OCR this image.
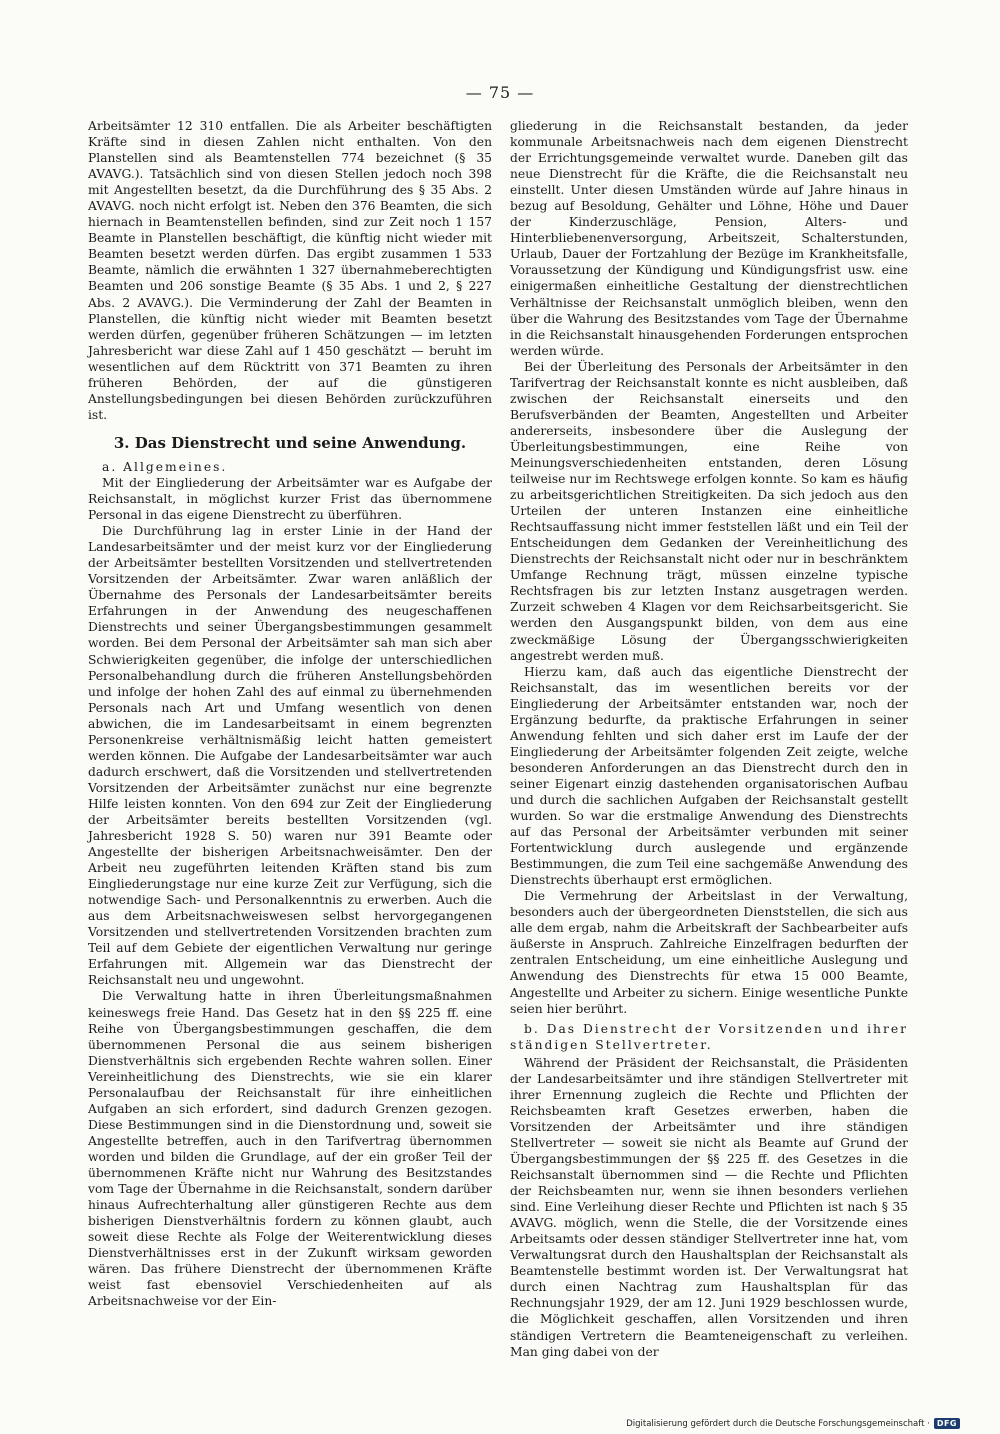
— 75 —

Arbeitsämter 12 310 entfallen. Die als Arbeiter beschäftigten Kräfte sind in diesen Zahlen nicht enthalten. Von den Planstellen sind als Beamtenstellen 774 bezeichnet (§ 35 AVAVG.). Tatsächlich sind von diesen Stellen jedoch noch 398 mit Angestellten besetzt, da die Durchführung des § 35 Abs. 2 AVAVG. noch nicht erfolgt ist. Neben den 376 Beamten, die sich hiernach in Beamtenstellen befinden, sind zur Zeit noch 1 157 Beamte in Planstellen beschäftigt, die künftig nicht wieder mit Beamten besetzt werden dürfen. Das ergibt zusammen 1 533 Beamte, nämlich die erwähnten 1 327 übernahmeberechtigten Beamten und 206 sonstige Beamte (§ 35 Abs. 1 und 2, § 227 Abs. 2 AVAVG.). Die Verminderung der Zahl der Beamten in Planstellen, die künftig nicht wieder mit Beamten besetzt werden dürfen, gegenüber früheren Schätzungen — im letzten Jahresbericht war diese Zahl auf 1 450 geschätzt — beruht im wesentlichen auf dem Rücktritt von 371 Beamten zu ihren früheren Behörden, der auf die günstigeren Anstellungsbedingungen bei diesen Behörden zurückzuführen ist.

3. Das Dienstrecht und seine Anwendung.

a. Allgemeines.

Mit der Eingliederung der Arbeitsämter war es Aufgabe der Reichsanstalt, in möglichst kurzer Frist das übernommene Personal in das eigene Dienstrecht zu überführen.

Die Durchführung lag in erster Linie in der Hand der Landesarbeitsämter und der meist kurz vor der Eingliederung der Arbeitsämter bestellten Vorsitzenden und stellvertretenden Vorsitzenden der Arbeitsämter. Zwar waren anläßlich der Übernahme des Personals der Landesarbeitsämter bereits Erfahrungen in der Anwendung des neugeschaffenen Dienstrechts und seiner Übergangsbestimmungen gesammelt worden. Bei dem Personal der Arbeitsämter sah man sich aber Schwierigkeiten gegenüber, die infolge der unterschiedlichen Personalbehandlung durch die früheren Anstellungsbehörden und infolge der hohen Zahl des auf einmal zu übernehmenden Personals nach Art und Umfang wesentlich von denen abwichen, die im Landesarbeitsamt in einem begrenzten Personenkreise verhältnismäßig leicht hatten gemeistert werden können. Die Aufgabe der Landesarbeitsämter war auch dadurch erschwert, daß die Vorsitzenden und stellvertretenden Vorsitzenden der Arbeitsämter zunächst nur eine begrenzte Hilfe leisten konnten. Von den 694 zur Zeit der Eingliederung der Arbeitsämter bereits bestellten Vorsitzenden (vgl. Jahresbericht 1928 S. 50) waren nur 391 Beamte oder Angestellte der bisherigen Arbeitsnachweisämter. Den der Arbeit neu zugeführten leitenden Kräften stand bis zum Eingliederungstage nur eine kurze Zeit zur Verfügung, sich die notwendige Sach- und Personalkenntnis zu erwerben. Auch die aus dem Arbeitsnachweiswesen selbst hervorgegangenen Vorsitzenden und stellvertretenden Vorsitzenden brachten zum Teil auf dem Gebiete der eigentlichen Verwaltung nur geringe Erfahrungen mit. Allgemein war das Dienstrecht der Reichsanstalt neu und ungewohnt.

Die Verwaltung hatte in ihren Überleitungsmaßnahmen keineswegs freie Hand. Das Gesetz hat in den §§ 225 ff. eine Reihe von Übergangsbestimmungen geschaffen, die dem übernommenen Personal die aus seinem bisherigen Dienstverhältnis sich ergebenden Rechte wahren sollen. Einer Vereinheitlichung des Dienstrechts, wie sie ein klarer Personalaufbau der Reichsanstalt für ihre einheitlichen Aufgaben an sich erfordert, sind dadurch Grenzen gezogen. Diese Bestimmungen sind in die Dienstordnung und, soweit sie Angestellte betreffen, auch in den Tarifvertrag übernommen worden und bilden die Grundlage, auf der ein großer Teil der übernommenen Kräfte nicht nur Wahrung des Besitzstandes vom Tage der Übernahme in die Reichsanstalt, sondern darüber hinaus Aufrechterhaltung aller günstigeren Rechte aus dem bisherigen Dienstverhältnis fordern zu können glaubt, auch soweit diese Rechte als Folge der Weiterentwicklung dieses Dienstverhältnisses erst in der Zukunft wirksam geworden wären. Das frühere Dienstrecht der übernommenen Kräfte weist fast ebensoviel Verschiedenheiten auf als Arbeitsnachweise vor der Ein-

gliederung in die Reichsanstalt bestanden, da jeder kommunale Arbeitsnachweis nach dem eigenen Dienstrecht der Errichtungsgemeinde verwaltet wurde. Daneben gilt das neue Dienstrecht für die Kräfte, die die Reichsanstalt neu einstellt. Unter diesen Umständen würde auf Jahre hinaus in bezug auf Besoldung, Gehälter und Löhne, Höhe und Dauer der Kinderzuschläge, Pension, Alters- und Hinterbliebenenversorgung, Arbeitszeit, Schalterstunden, Urlaub, Dauer der Fortzahlung der Bezüge im Krankheitsfalle, Voraussetzung der Kündigung und Kündigungsfrist usw. eine einigermaßen einheitliche Gestaltung der dienstrechtlichen Verhältnisse der Reichsanstalt unmöglich bleiben, wenn den über die Wahrung des Besitzstandes vom Tage der Übernahme in die Reichsanstalt hinausgehenden Forderungen entsprochen werden würde.

Bei der Überleitung des Personals der Arbeitsämter in den Tarifvertrag der Reichsanstalt konnte es nicht ausbleiben, daß zwischen der Reichsanstalt einerseits und den Berufsverbänden der Beamten, Angestellten und Arbeiter andererseits, insbesondere über die Auslegung der Überleitungsbestimmungen, eine Reihe von Meinungsverschiedenheiten entstanden, deren Lösung teilweise nur im Rechtswege erfolgen konnte. So kam es häufig zu arbeitsgerichtlichen Streitigkeiten. Da sich jedoch aus den Urteilen der unteren Instanzen eine einheitliche Rechtsauffassung nicht immer feststellen läßt und ein Teil der Entscheidungen dem Gedanken der Vereinheitlichung des Dienstrechts der Reichsanstalt nicht oder nur in beschränktem Umfange Rechnung trägt, müssen einzelne typische Rechtsfragen bis zur letzten Instanz ausgetragen werden. Zurzeit schweben 4 Klagen vor dem Reichsarbeitsgericht. Sie werden den Ausgangspunkt bilden, von dem aus eine zweckmäßige Lösung der Übergangsschwierigkeiten angestrebt werden muß.

Hierzu kam, daß auch das eigentliche Dienstrecht der Reichsanstalt, das im wesentlichen bereits vor der Eingliederung der Arbeitsämter entstanden war, noch der Ergänzung bedurfte, da praktische Erfahrungen in seiner Anwendung fehlten und sich daher erst im Laufe der der Eingliederung der Arbeitsämter folgenden Zeit zeigte, welche besonderen Anforderungen an das Dienstrecht durch den in seiner Eigenart einzig dastehenden organisatorischen Aufbau und durch die sachlichen Aufgaben der Reichsanstalt gestellt wurden. So war die erstmalige Anwendung des Dienstrechts auf das Personal der Arbeitsämter verbunden mit seiner Fortentwicklung durch auslegende und ergänzende Bestimmungen, die zum Teil eine sachgemäße Anwendung des Dienstrechts überhaupt erst ermöglichen.

Die Vermehrung der Arbeitslast in der Verwaltung, besonders auch der übergeordneten Dienststellen, die sich aus alle dem ergab, nahm die Arbeitskraft der Sachbearbeiter aufs äußerste in Anspruch. Zahlreiche Einzelfragen bedurften der zentralen Entscheidung, um eine einheitliche Auslegung und Anwendung des Dienstrechts für etwa 15 000 Beamte, Angestellte und Arbeiter zu sichern. Einige wesentliche Punkte seien hier berührt.

b. Das Dienstrecht der Vorsitzenden und ihrer ständigen Stellvertreter.

Während der Präsident der Reichsanstalt, die Präsidenten der Landesarbeitsämter und ihre ständigen Stellvertreter mit ihrer Ernennung zugleich die Rechte und Pflichten der Reichsbeamten kraft Gesetzes erwerben, haben die Vorsitzenden der Arbeitsämter und ihre ständigen Stellvertreter — soweit sie nicht als Beamte auf Grund der Übergangsbestimmungen der §§ 225 ff. des Gesetzes in die Reichsanstalt übernommen sind — die Rechte und Pflichten der Reichsbeamten nur, wenn sie ihnen besonders verliehen sind. Eine Verleihung dieser Rechte und Pflichten ist nach § 35 AVAVG. möglich, wenn die Stelle, die der Vorsitzende eines Arbeitsamts oder dessen ständiger Stellvertreter inne hat, vom Verwaltungsrat durch den Haushaltsplan der Reichsanstalt als Beamtenstelle bestimmt worden ist. Der Verwaltungsrat hat durch einen Nachtrag zum Haushaltsplan für das Rechnungsjahr 1929, der am 12. Juni 1929 beschlossen wurde, die Möglichkeit geschaffen, allen Vorsitzenden und ihren ständigen Vertretern die Beamteneigenschaft zu verleihen. Man ging dabei von der

Digitalisierung gefördert durch die Deutsche Forschungsgemeinschaft · DFG
